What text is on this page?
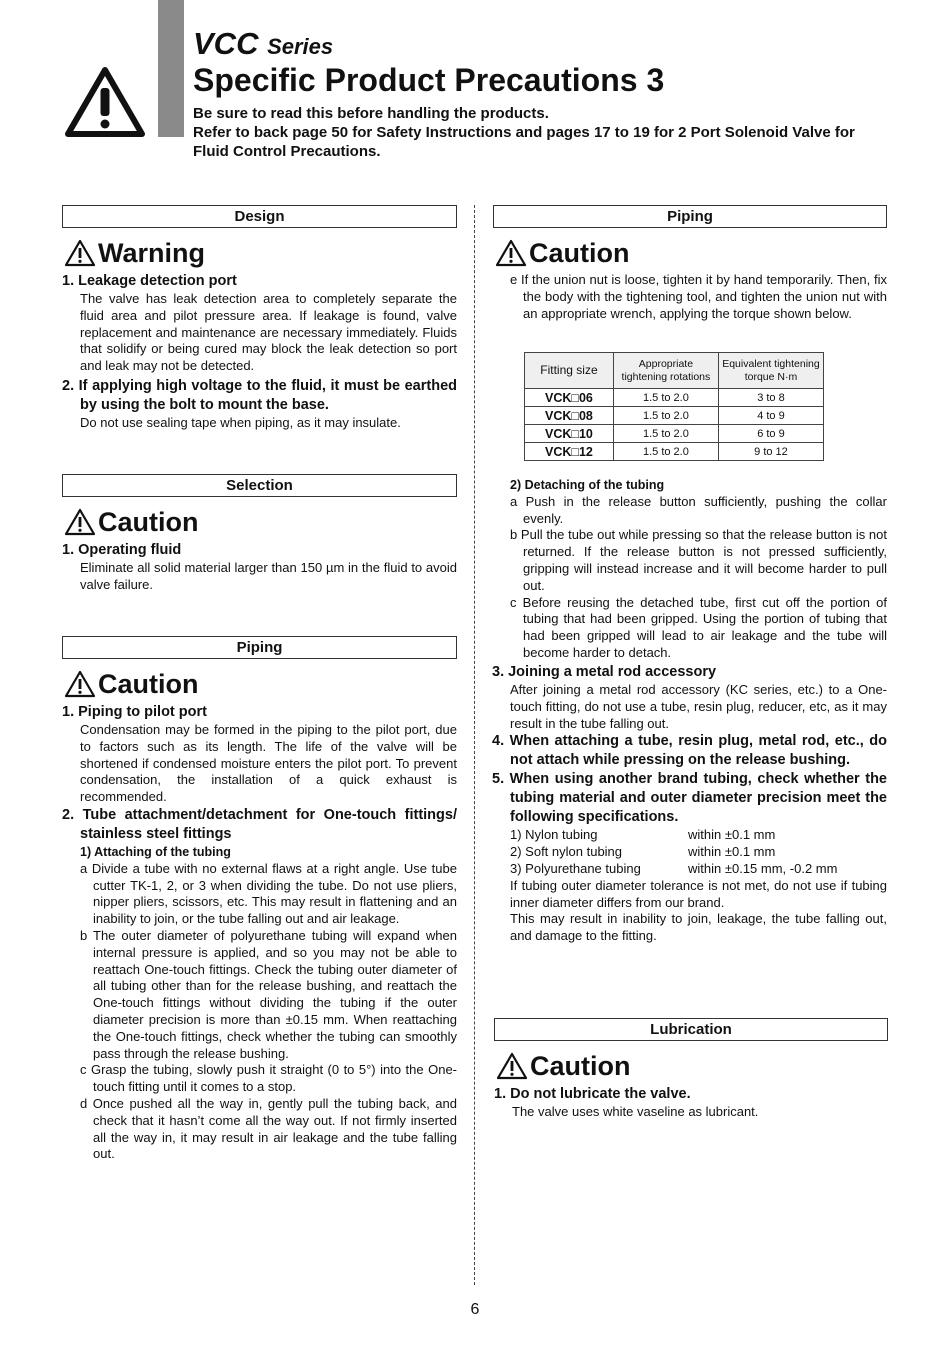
VCC Series
Specific Product Precautions 3
Be sure to read this before handling the products.
Refer to back page 50 for Safety Instructions and pages 17 to 19 for 2 Port Solenoid Valve for Fluid Control Precautions.
Design
Warning
1. Leakage detection port
The valve has leak detection area to completely separate the fluid area and pilot pressure area. If leakage is found, valve replacement and maintenance are necessary immediately. Fluids that solidify or being cured may block the leak detection so port and leak may not be detected.
2. If applying high voltage to the fluid, it must be earthed by using the bolt to mount the base.
Do not use sealing tape when piping, as it may insulate.
Selection
Caution
1. Operating fluid
Eliminate all solid material larger than 150 µm in the fluid to avoid valve failure.
Piping
Caution
1. Piping to pilot port
Condensation may be formed in the piping to the pilot port, due to factors such as its length. The life of the valve will be shortened if condensed moisture enters the pilot port. To prevent condensation, the installation of a quick exhaust is recommended.
2. Tube attachment/detachment for One-touch fittings/ stainless steel fittings
1) Attaching of the tubing
a Divide a tube with no external flaws at a right angle. Use tube cutter TK-1, 2, or 3 when dividing the tube. Do not use pliers, nipper pliers, scissors, etc. This may result in flattening and an inability to join, or the tube falling out and air leakage.
b The outer diameter of polyurethane tubing will expand when internal pressure is applied, and so you may not be able to reattach One-touch fittings. Check the tubing outer diameter of all tubing other than for the release bushing, and reattach the One-touch fittings without dividing the tubing if the outer diameter precision is more than ±0.15 mm. When reattaching the One-touch fittings, check whether the tubing can smoothly pass through the release bushing.
c Grasp the tubing, slowly push it straight (0 to 5°) into the One-touch fitting until it comes to a stop.
d Once pushed all the way in, gently pull the tubing back, and check that it hasn’t come all the way out. If not firmly inserted all the way in, it may result in air leakage and the tube falling out.
Piping
Caution
e If the union nut is loose, tighten it by hand temporarily. Then, fix the body with the tightening tool, and tighten the union nut with an appropriate wrench, applying the torque shown below.
Fitting size	Appropriate tightening rotations	Equivalent tightening torque N·m
VCK□06	1.5 to 2.0	3 to 8
VCK□08	1.5 to 2.0	4 to 9
VCK□10	1.5 to 2.0	6 to 9
VCK□12	1.5 to 2.0	9 to 12
2) Detaching of the tubing
a Push in the release button sufficiently, pushing the collar evenly.
b Pull the tube out while pressing so that the release button is not returned. If the release button is not pressed sufficiently, gripping will instead increase and it will become harder to pull out.
c Before reusing the detached tube, first cut off the portion of tubing that had been gripped. Using the portion of tubing that had been gripped will lead to air leakage and the tube will become harder to detach.
3. Joining a metal rod accessory
After joining a metal rod accessory (KC series, etc.) to a One-touch fitting, do not use a tube, resin plug, reducer, etc, as it may result in the tube falling out.
4. When attaching a tube, resin plug, metal rod, etc., do not attach while pressing on the release bushing.
5. When using another brand tubing, check whether the tubing material and outer diameter precision meet the following specifications.
1) Nylon tubing	within ±0.1 mm
2) Soft nylon tubing	within ±0.1 mm
3) Polyurethane tubing	within ±0.15 mm, -0.2 mm
If tubing outer diameter tolerance is not met, do not use if tubing inner diameter differs from our brand.
This may result in inability to join, leakage, the tube falling out, and damage to the fitting.
Lubrication
Caution
1. Do not lubricate the valve.
The valve uses white vaseline as lubricant.
6
